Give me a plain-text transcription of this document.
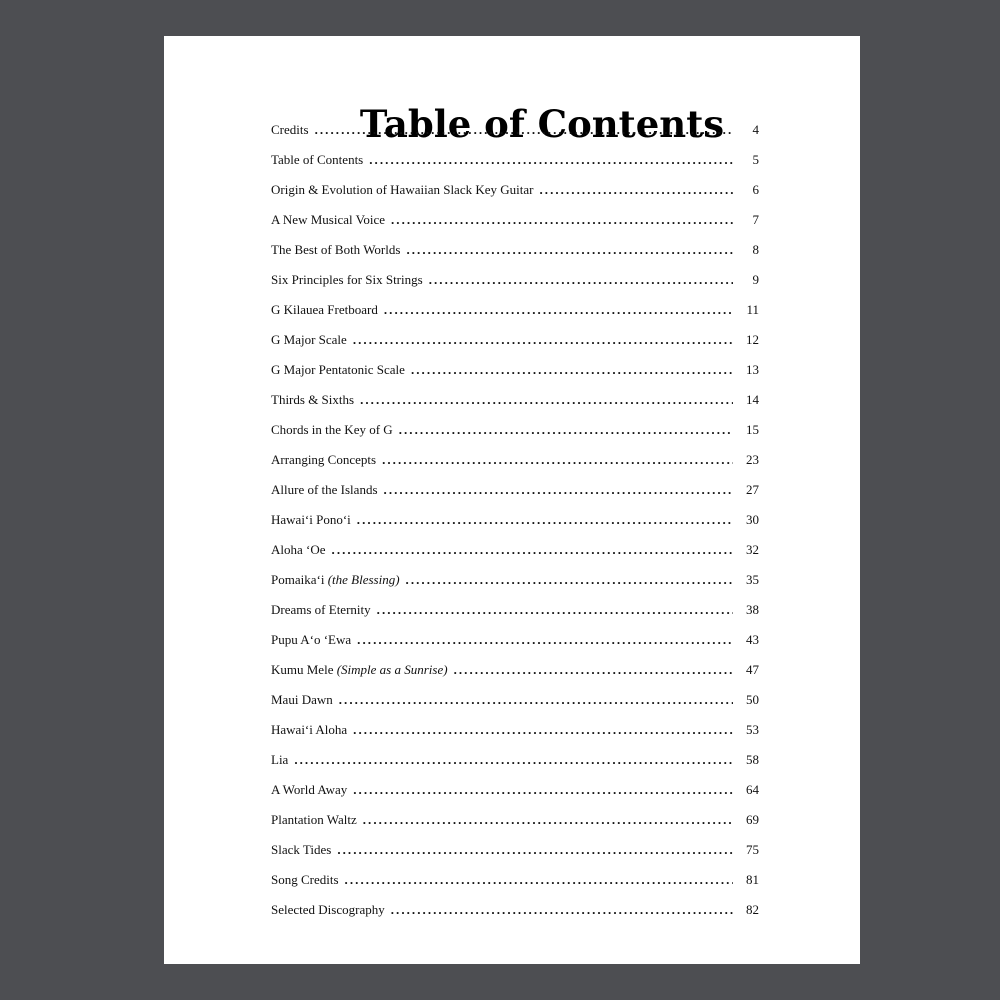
Table of Contents
Credits . . .	4
Table of Contents . . .	5
Origin & Evolution of Hawaiian Slack Key Guitar . . .	6
A New Musical Voice . . .	7
The Best of Both Worlds . . .	8
Six Principles for Six Strings . . .	9
G Kilauea Fretboard . . .	11
G Major Scale . . .	12
G Major Pentatonic Scale . . .	13
Thirds & Sixths . . .	14
Chords in the Key of G . . .	15
Arranging Concepts . . .	23
Allure of the Islands . . .	27
Hawai‘i Pono‘i . . .	30
Aloha ‘Oe . . .	32
Pomaika‘i (the Blessing) . . .	35
Dreams of Eternity . . .	38
Pupu A‘o ‘Ewa . . .	43
Kumu Mele (Simple as a Sunrise) . . .	47
Maui Dawn . . .	50
Hawai‘i Aloha . . .	53
Lia . . .	58
A World Away . . .	64
Plantation Waltz . . .	69
Slack Tides . . .	75
Song Credits . . .	81
Selected Discography . . .	82
